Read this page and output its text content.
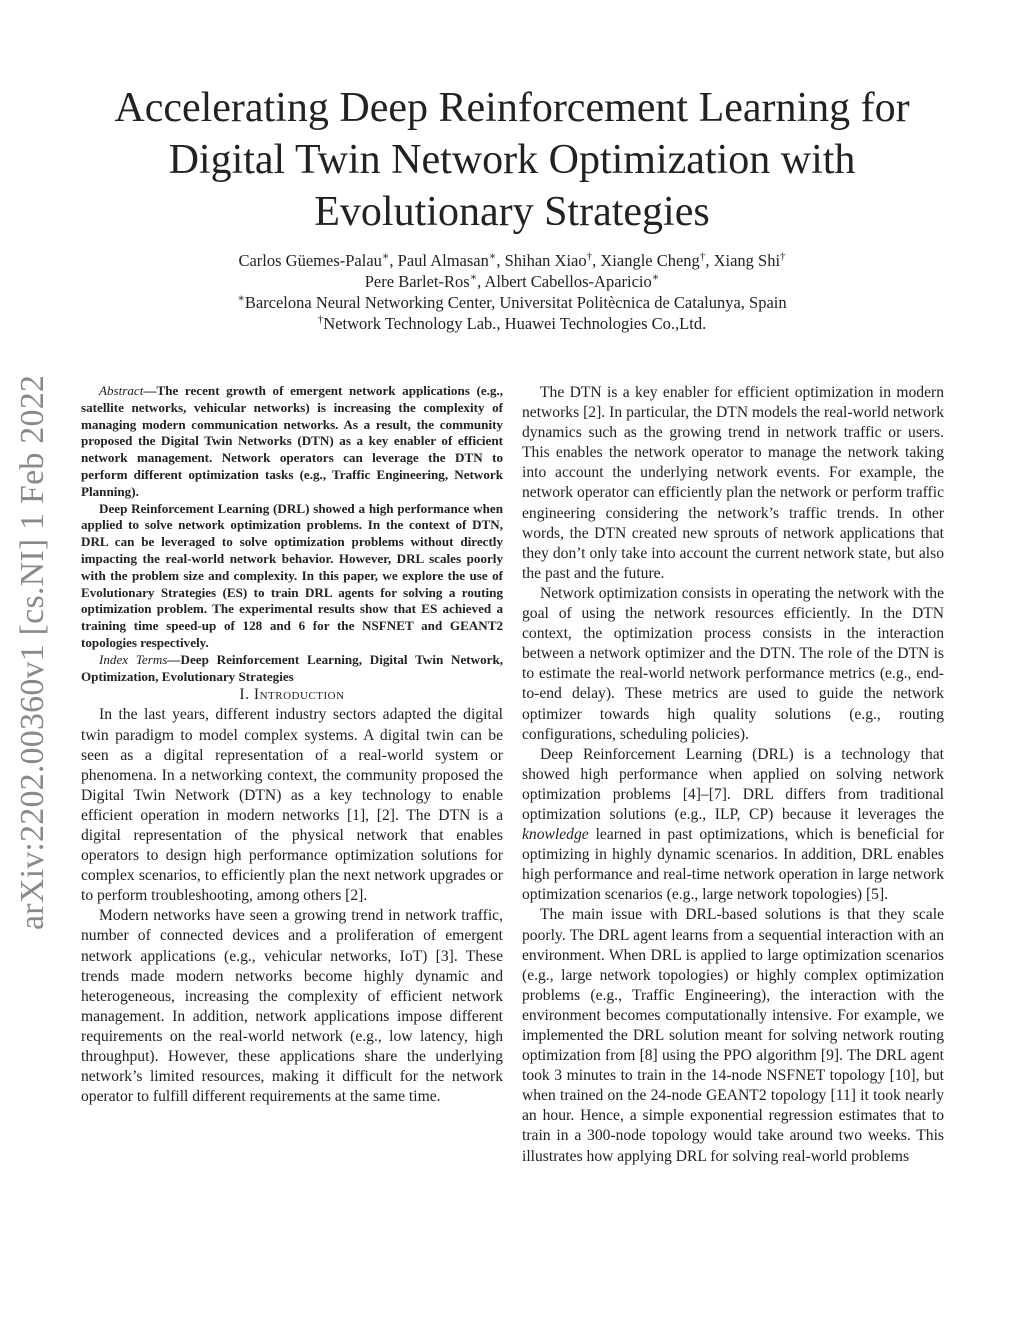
arXiv:2202.00360v1 [cs.NI] 1 Feb 2022
Accelerating Deep Reinforcement Learning for
Digital Twin Network Optimization with
Evolutionary Strategies
Carlos Güemes-Palau∗, Paul Almasan∗, Shihan Xiao†, Xiangle Cheng†, Xiang Shi†
Pere Barlet-Ros∗, Albert Cabellos-Aparicio∗
∗Barcelona Neural Networking Center, Universitat Politècnica de Catalunya, Spain
†Network Technology Lab., Huawei Technologies Co.,Ltd.

Abstract—The recent growth of emergent network applications (e.g., satellite networks, vehicular networks) is increasing the complexity of managing modern communication networks. As a result, the community proposed the Digital Twin Networks (DTN) as a key enabler of efficient network management. Network operators can leverage the DTN to perform different optimization tasks (e.g., Traffic Engineering, Network Planning).

Deep Reinforcement Learning (DRL) showed a high performance when applied to solve network optimization problems. In the context of DTN, DRL can be leveraged to solve optimization problems without directly impacting the real-world network behavior. However, DRL scales poorly with the problem size and complexity. In this paper, we explore the use of Evolutionary Strategies (ES) to train DRL agents for solving a routing optimization problem. The experimental results show that ES achieved a training time speed-up of 128 and 6 for the NSFNET and GEANT2 topologies respectively.

Index Terms—Deep Reinforcement Learning, Digital Twin Network, Optimization, Evolutionary Strategies

I. Introduction

In the last years, different industry sectors adapted the digital twin paradigm to model complex systems. A digital twin can be seen as a digital representation of a real-world system or phenomena. In a networking context, the community proposed the Digital Twin Network (DTN) as a key technology to enable efficient operation in modern networks [1], [2]. The DTN is a digital representation of the physical network that enables operators to design high performance optimization solutions for complex scenarios, to efficiently plan the next network upgrades or to perform troubleshooting, among others [2].

Modern networks have seen a growing trend in network traffic, number of connected devices and a proliferation of emergent network applications (e.g., vehicular networks, IoT) [3]. These trends made modern networks become highly dynamic and heterogeneous, increasing the complexity of efficient network management. In addition, network applications impose different requirements on the real-world network (e.g., low latency, high throughput). However, these applications share the underlying network’s limited resources, making it difficult for the network operator to fulfill different requirements at the same time.

The DTN is a key enabler for efficient optimization in modern networks [2]. In particular, the DTN models the real-world network dynamics such as the growing trend in network traffic or users. This enables the network operator to manage the network taking into account the underlying network events. For example, the network operator can efficiently plan the network or perform traffic engineering considering the network’s traffic trends. In other words, the DTN created new sprouts of network applications that they don’t only take into account the current network state, but also the past and the future.

Network optimization consists in operating the network with the goal of using the network resources efficiently. In the DTN context, the optimization process consists in the interaction between a network optimizer and the DTN. The role of the DTN is to estimate the real-world network performance metrics (e.g., end-to-end delay). These metrics are used to guide the network optimizer towards high quality solutions (e.g., routing configurations, scheduling policies).

Deep Reinforcement Learning (DRL) is a technology that showed high performance when applied on solving network optimization problems [4]–[7]. DRL differs from traditional optimization solutions (e.g., ILP, CP) because it leverages the knowledge learned in past optimizations, which is beneficial for optimizing in highly dynamic scenarios. In addition, DRL enables high performance and real-time network operation in large network optimization scenarios (e.g., large network topologies) [5].

The main issue with DRL-based solutions is that they scale poorly. The DRL agent learns from a sequential interaction with an environment. When DRL is applied to large optimization scenarios (e.g., large network topologies) or highly complex optimization problems (e.g., Traffic Engineering), the interaction with the environment becomes computationally intensive. For example, we implemented the DRL solution meant for solving network routing optimization from [8] using the PPO algorithm [9]. The DRL agent took 3 minutes to train in the 14-node NSFNET topology [10], but when trained on the 24-node GEANT2 topology [11] it took nearly an hour. Hence, a simple exponential regression estimates that to train in a 300-node topology would take around two weeks. This illustrates how applying DRL for solving real-world problems
